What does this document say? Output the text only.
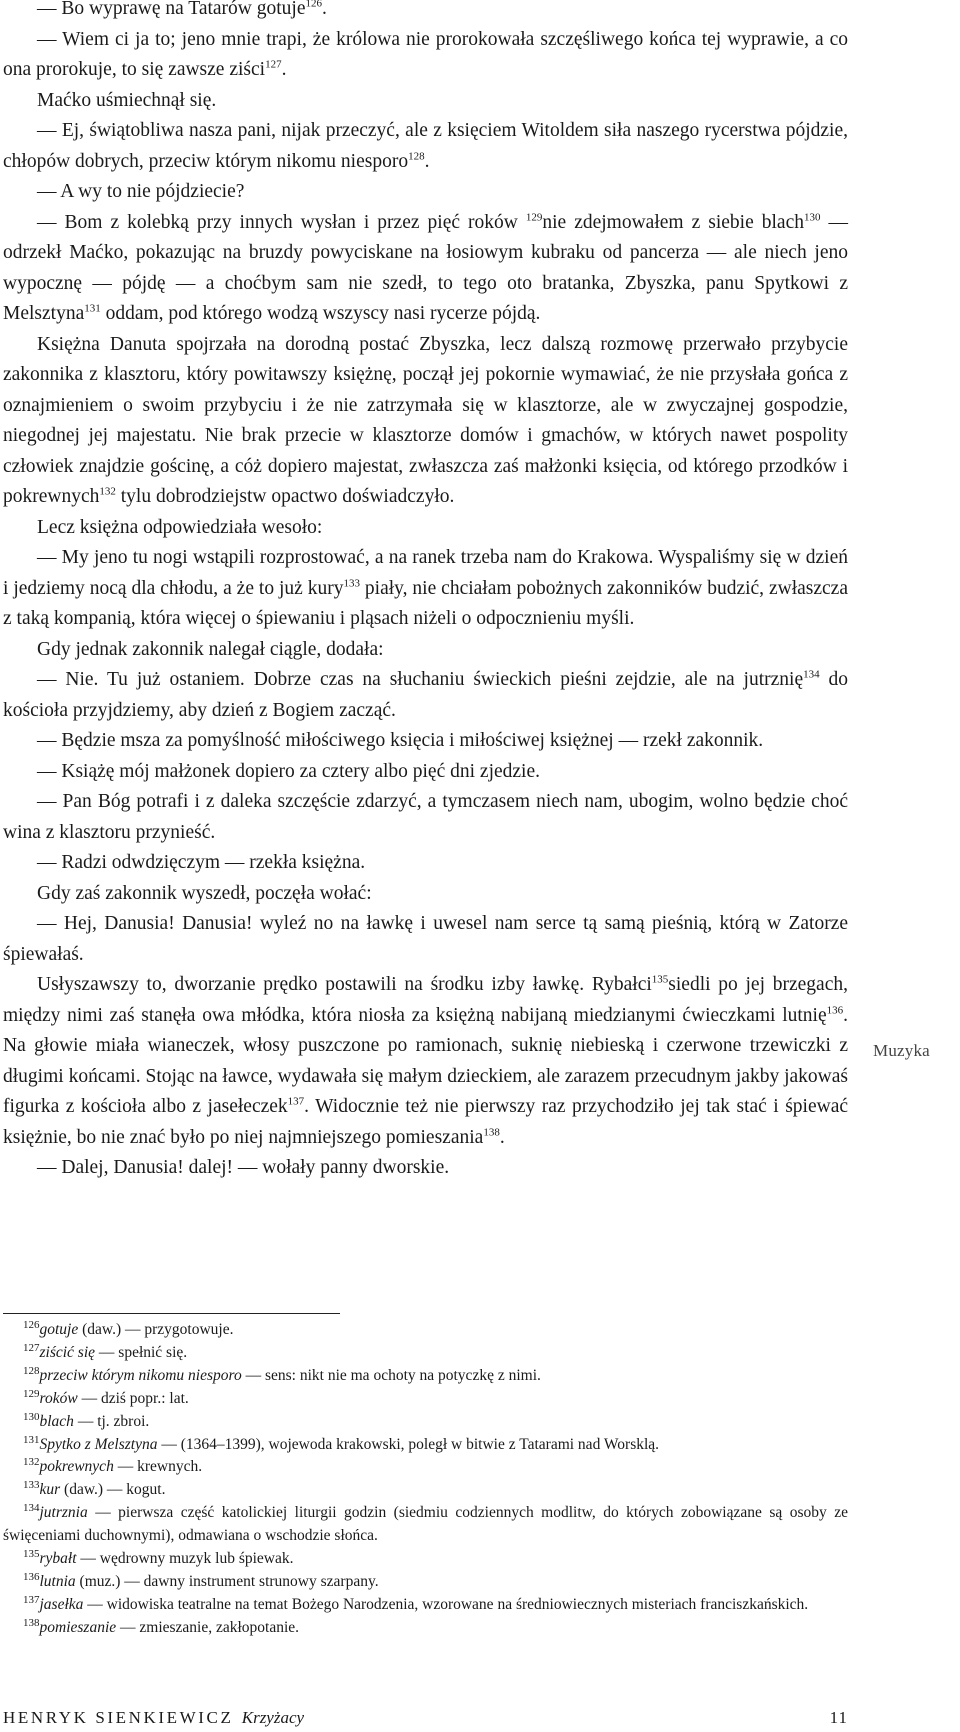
— Bo wyprawę na Tatarów gotuje$^{126}$.

— Wiem ci ja to; jeno mnie trapi, że królowa nie prorokowała szczęśliwego końca tej wyprawie, a co ona prorokuje, to się zawsze ziści$^{127}$.

Maćko uśmiechnął się.

— Ej, świątobliwa nasza pani, nijak przeczyć, ale z księciem Witoldem siła naszego rycerstwa pójdzie, chłopów dobrych, przeciw którym nikomu niesporo$^{128}$.

— A wy to nie pójdziecie?

— Bom z kolebką przy innych wysłan i przez pięć roków $^{129}$nie zdejmowałem z siebie blach$^{130}$ — odrzekł Maćko, pokazując na bruzdy powyciskane na łosiowym kubraku od pancerza — ale niech jeno wypocznę — pójdę — a choćbym sam nie szedł, to tego oto bratanka, Zbyszka, panu Spytkowi z Melsztyna$^{131}$ oddam, pod którego wodzą wszyscy nasi rycerze pójdą.

Księżna Danuta spojrzała na dorodną postać Zbyszka, lecz dalszą rozmowę przerwało przybycie zakonnika z klasztoru, który powitawszy księżnę, począł jej pokornie wymawiać, że nie przysłała gońca z oznajmieniem o swoim przybyciu i że nie zatrzymała się w klasztorze, ale w zwyczajnej gospodzie, niegodnej jej majestatu. Nie brak przecie w klasztorze domów i gmachów, w których nawet pospolity człowiek znajdzie gościnę, a cóż dopiero majestat, zwłaszcza zaś małżonki księcia, od którego przodków i pokrewnych$^{132}$ tylu dobrodziejstw opactwo doświadczyło.

Lecz księżna odpowiedziała wesoło:

— My jeno tu nogi wstąpili rozprostować, a na ranek trzeba nam do Krakowa. Wyspaliśmy się w dzień i jedziemy nocą dla chłodu, a że to już kury$^{133}$ piały, nie chciałam pobożnych zakonników budzić, zwłaszcza z taką kompanią, która więcej o śpiewaniu i pląsach niżeli o odpocznieniu myśli.

Gdy jednak zakonnik nalegał ciągle, dodała:

— Nie. Tu już ostaniem. Dobrze czas na słuchaniu świeckich pieśni zejdzie, ale na jutrznię$^{134}$ do kościoła przyjdziemy, aby dzień z Bogiem zacząć.

— Będzie msza za pomyślność miłościwego księcia i miłościwej księżnej — rzekł zakonnik.

— Książę mój małżonek dopiero za cztery albo pięć dni zjedzie.

— Pan Bóg potrafi i z daleka szczęście zdarzyć, a tymczasem niech nam, ubogim, wolno będzie choć wina z klasztoru przynieść.

— Radzi odwdzięczym — rzekła księżna.

Gdy zaś zakonnik wyszedł, poczęła wołać:

— Hej, Danusia! Danusia! wyleź no na ławkę i uwesel nam serce tą samą pieśnią, którą w Zatorze śpiewałaś.

Usłyszawszy to, dworzanie prędko postawili na środku izby ławkę. Rybałci$^{135}$siedli po jej brzegach, między nimi zaś stanęła owa młódka, która niosła za księżną nabijaną miedzianymi ćwieczkami lutnię$^{136}$. Na głowie miała wianeczek, włosy puszczone po ramionach, suknię niebieską i czerwone trzewiczki z długimi końcami. Stojąc na ławce, wydawała się małym dzieckiem, ale zarazem przecudnym jakby jakowaś figurka z kościoła albo z jasełeczek$^{137}$. Widocznie też nie pierwszy raz przychodziło jej tak stać i śpiewać księżnie, bo nie znać było po niej najmniejszego pomieszania$^{138}$.

— Dalej, Danusia! dalej! — wołały panny dworskie.

Muzyka

$^{126}$gotuje (daw.) — przygotowuje.

$^{127}$ziścić się — spełnić się.

$^{128}$przeciw którym nikomu niesporo — sens: nikt nie ma ochoty na potyczkę z nimi.

$^{129}$roków — dziś popr.: lat.

$^{130}$blach — tj. zbroi.

$^{131}$Spytko z Melsztyna — (1364–1399), wojewoda krakowski, poległ w bitwie z Tatarami nad Worsklą.

$^{132}$pokrewnych — krewnych.

$^{133}$kur (daw.) — kogut.

$^{134}$jutrznia — pierwsza część katolickiej liturgii godzin (siedmiu codziennych modlitw, do których zobowiązane są osoby ze święceniami duchownymi), odmawiana o wschodzie słońca.

$^{135}$rybałt — wędrowny muzyk lub śpiewak.

$^{136}$lutnia (muz.) — dawny instrument strunowy szarpany.

$^{137}$jasełka — widowiska teatralne na temat Bożego Narodzenia, wzorowane na średniowiecznych misteriach franciszkańskich.

$^{138}$pomieszanie — zmieszanie, zakłopotanie.

HENRYK SIENKIEWICZ Krzyżacy	11
